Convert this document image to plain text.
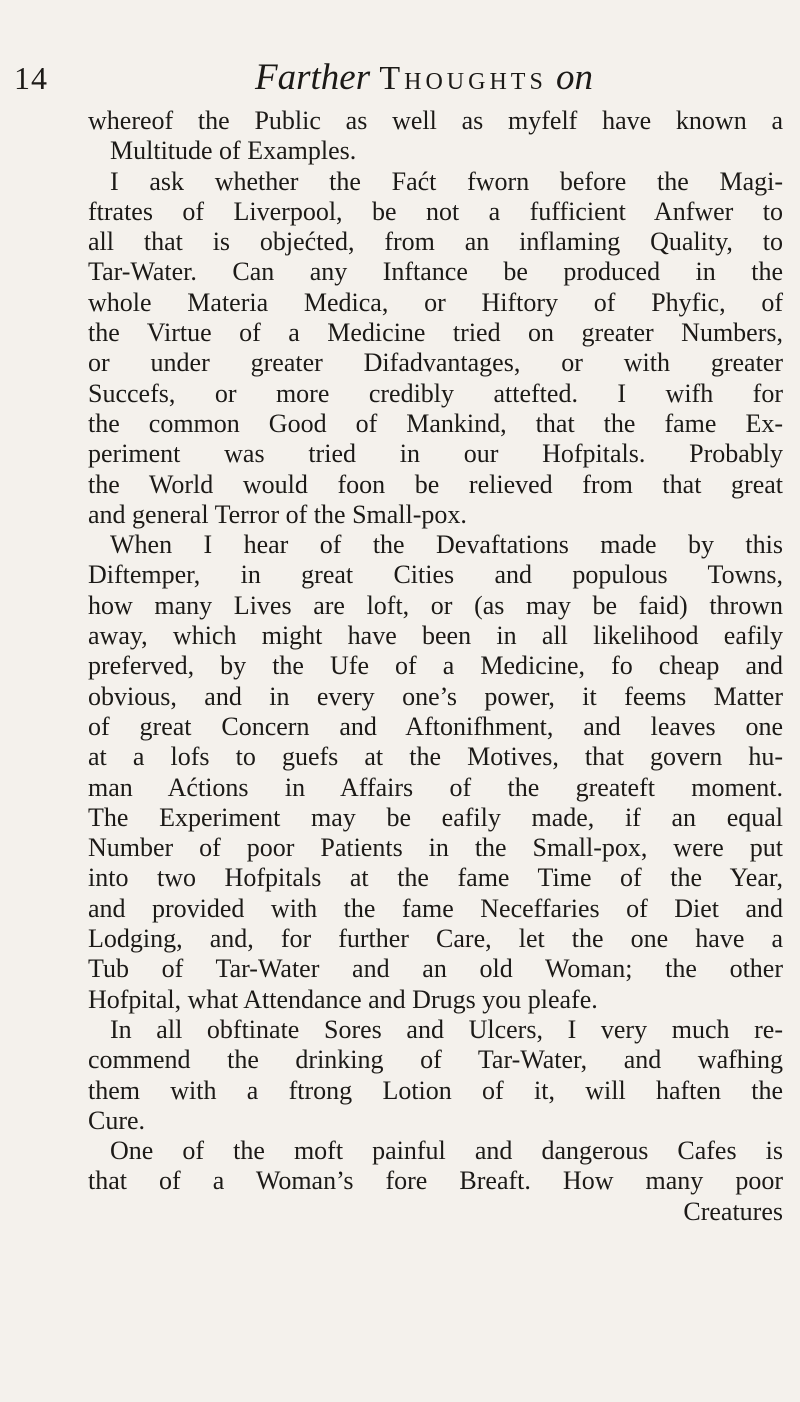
14	Farther Thoughts on
whereof the Public as well as myfelf have known a
Multitude of Examples.
I ask whether the Faćt fworn before the Magi-
ftrates of Liverpool, be not a fufficient Anfwer to
all that is objećted, from an inflaming Quality, to
Tar-Water. Can any Inftance be produced in the
whole Materia Medica, or Hiftory of Phyfic, of
the Virtue of a Medicine tried on greater Numbers,
or under greater Difadvantages, or with greater
Succefs, or more credibly attefted. I wifh for
the common Good of Mankind, that the fame Ex-
periment was tried in our Hofpitals. Probably
the World would foon be relieved from that great
and general Terror of the Small-pox.
When I hear of the Devaftations made by this
Diftemper, in great Cities and populous Towns,
how many Lives are loft, or (as may be faid) thrown
away, which might have been in all likelihood eafily
preferved, by the Ufe of a Medicine, fo cheap and
obvious, and in every one’s power, it feems Matter
of great Concern and Aftonifhment, and leaves one
at a lofs to guefs at the Motives, that govern hu-
man Aćtions in Affairs of the greateft moment.
The Experiment may be eafily made, if an equal
Number of poor Patients in the Small-pox, were put
into two Hofpitals at the fame Time of the Year,
and provided with the fame Neceffaries of Diet and
Lodging, and, for further Care, let the one have a
Tub of Tar-Water and an old Woman; the other
Hofpital, what Attendance and Drugs you pleafe.
In all obftinate Sores and Ulcers, I very much re-
commend the drinking of Tar-Water, and wafhing
them with a ftrong Lotion of it, will haften the
Cure.
One of the moft painful and dangerous Cafes is
that of a Woman’s fore Breaft. How many poor
Creatures
